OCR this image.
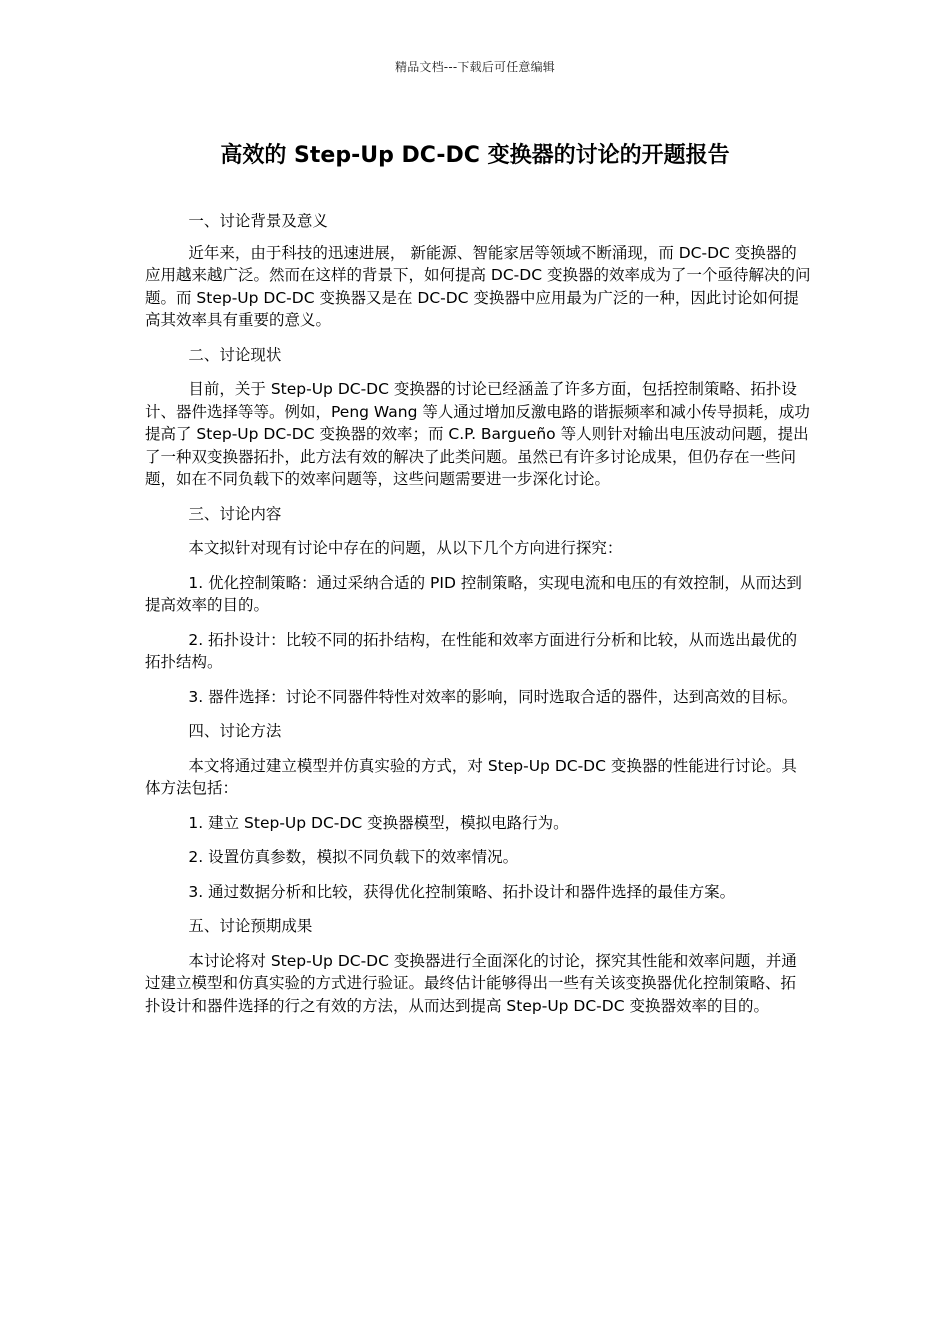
精品文档---下载后可任意编辑
高效的 Step-Up DC-DC 变换器的讨论的开题报告

一、讨论背景及意义

近年来，由于科技的迅速进展， 新能源、智能家居等领域不断涌现，而 DC-DC 变换器的应用越来越广泛。然而在这样的背景下，如何提高 DC-DC 变换器的效率成为了一个亟待解决的问题。而 Step-Up DC-DC 变换器又是在 DC-DC 变换器中应用最为广泛的一种，因此讨论如何提高其效率具有重要的意义。

二、讨论现状

目前，关于 Step-Up DC-DC 变换器的讨论已经涵盖了许多方面，包括控制策略、拓扑设计、器件选择等等。例如，Peng Wang 等人通过增加反激电路的谐振频率和减小传导损耗，成功提高了 Step-Up DC-DC 变换器的效率；而 C.P. Bargueño 等人则针对输出电压波动问题，提出了一种双变换器拓扑，此方法有效的解决了此类问题。虽然已有许多讨论成果，但仍存在一些问题，如在不同负载下的效率问题等，这些问题需要进一步深化讨论。

三、讨论内容

本文拟针对现有讨论中存在的问题，从以下几个方向进行探究：

1. 优化控制策略：通过采纳合适的 PID 控制策略，实现电流和电压的有效控制，从而达到提高效率的目的。

2. 拓扑设计：比较不同的拓扑结构，在性能和效率方面进行分析和比较，从而选出最优的拓扑结构。

3. 器件选择：讨论不同器件特性对效率的影响，同时选取合适的器件，达到高效的目标。

四、讨论方法

本文将通过建立模型并仿真实验的方式，对 Step-Up DC-DC 变换器的性能进行讨论。具体方法包括：

1. 建立 Step-Up DC-DC 变换器模型，模拟电路行为。

2. 设置仿真参数，模拟不同负载下的效率情况。

3. 通过数据分析和比较，获得优化控制策略、拓扑设计和器件选择的最佳方案。

五、讨论预期成果

本讨论将对 Step-Up DC-DC 变换器进行全面深化的讨论，探究其性能和效率问题，并通过建立模型和仿真实验的方式进行验证。最终估计能够得出一些有关该变换器优化控制策略、拓扑设计和器件选择的行之有效的方法，从而达到提高 Step-Up DC-DC 变换器效率的目的。
